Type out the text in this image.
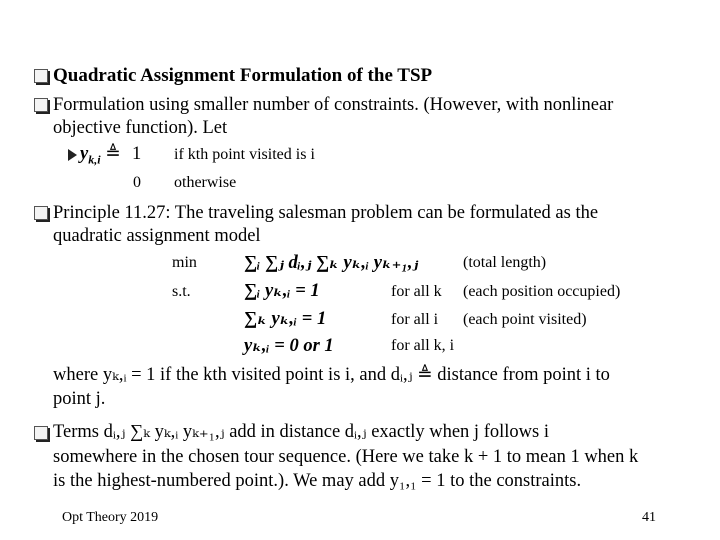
Quadratic Assignment Formulation of the TSP
Formulation using smaller number of constraints. (However, with nonlinear
objective function). Let
$y_{k,i}$ ≜ 1 if kth point visited is i
0 otherwise
Principle 11.27: The traveling salesman problem can be formulated as the
quadratic assignment model
min	∑ᵢ ∑ⱼ dᵢ,ⱼ ∑ₖ yₖ,ᵢ yₖ₊₁,ⱼ	(total length)
s.t.	∑ᵢ yₖ,ᵢ = 1	for all k (each position occupied)
∑ₖ yₖ,ᵢ = 1	for all i (each point visited)
yₖ,ᵢ = 0 or 1	for all k, i
where yₖ,ᵢ = 1 if the kth visited point is i, and dᵢ,ⱼ ≜ distance from point i to
point j.
Terms dᵢ,ⱼ ∑ₖ yₖ,ᵢ yₖ₊₁,ⱼ add in distance dᵢ,ⱼ exactly when j follows i
somewhere in the chosen tour sequence. (Here we take k + 1 to mean 1 when k
is the highest-numbered point.). We may add y₁,₁ = 1 to the constraints.
Opt Theory 2019	41
